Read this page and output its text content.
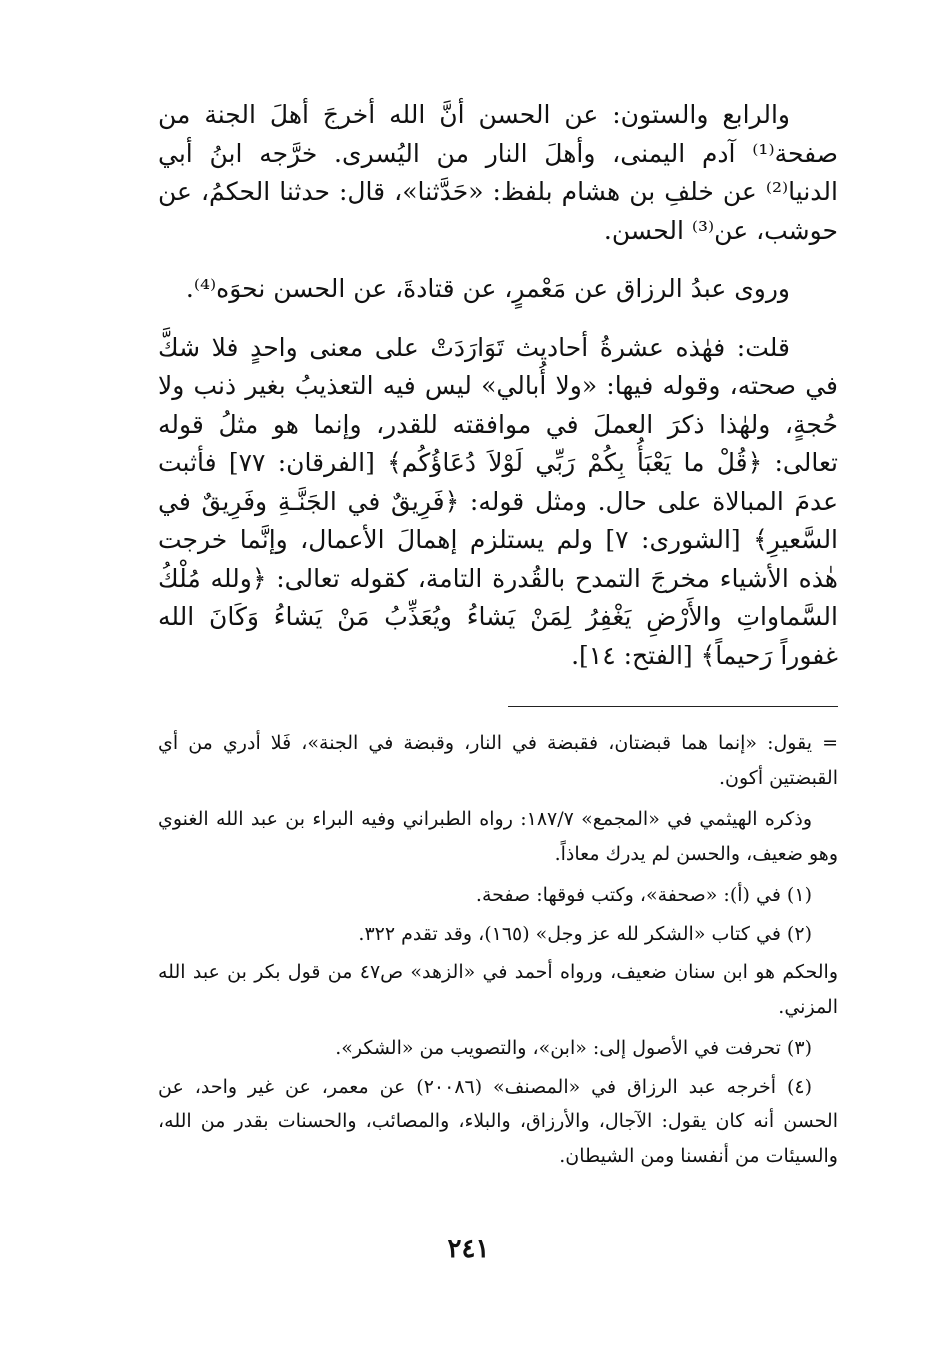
والرابع والستون: عن الحسن أنَّ الله أخرجَ أهلَ الجنة من صفحة⁽¹⁾ آدم اليمنى، وأهلَ النار من اليُسرى. خرَّجه ابنُ أبي الدنيا⁽²⁾ عن خلفِ بن هشام بلفظ: «حَدَّثنا»، قال: حدثنا الحكمُ، عن حوشب، عن⁽³⁾ الحسن.

وروى عبدُ الرزاق عن مَعْمرٍ، عن قتادةَ، عن الحسن نحوَه⁽⁴⁾.

قلت: فهٰذه عشرةُ أحاديث تَوَارَدَتْ على معنى واحدٍ فلا شكَّ في صحته، وقوله فيها: «ولا أُبالي» ليس فيه التعذيبُ بغير ذنب ولا حُجةٍ، ولهٰذا ذكرَ العملَ في موافقته للقدر، وإنما هو مثلُ قوله تعالى: ﴿قُلْ ما يَعْبَأُ بِكُمْ رَبِّي لَوْلاَ دُعَاؤُكُم﴾ [الفرقان: ٧٧] فأثبت عدمَ المبالاة على حال. ومثل قوله: ﴿فَرِيقٌ في الجَنَّـةِ وفَرِيقٌ في السَّعيرِ﴾ [الشورى: ٧] ولم يستلزم إهمالَ الأعمال، وإنَّما خرجت هٰذه الأشياء مخرجَ التمدح بالقُدرة التامة، كقوله تعالى: ﴿ولله مُلْكُ السَّماواتِ والأَرْضِ يَغْفِرُ لِمَنْ يَشاءُ ويُعَذِّبُ مَنْ يَشاءُ وَكَانَ الله غفوراً رَحيماً﴾ [الفتح: ١٤].

= يقول: «إنما هما قبضتان، فقبضة في النار، وقبضة في الجنة»، فَلا أدري من أي القبضتين أكون.

وذكره الهيثمي في «المجمع» ١٨٧/٧: رواه الطبراني وفيه البراء بن عبد الله الغنوي وهو ضعيف، والحسن لم يدرك معاذاً.

(١) في (أ): «صحفة»، وكتب فوقها: صفحة.

(٢) في كتاب «الشكر لله عز وجل» (١٦٥)، وقد تقدم ٣٢٢.

والحكم هو ابن سنان ضعيف، ورواه أحمد في «الزهد» ص٤٧ من قول بكر بن عبد الله المزني.

(٣) تحرفت في الأصول إلى: «ابن»، والتصويب من «الشكر».

(٤) أخرجه عبد الرزاق في «المصنف» (٢٠٠٨٦) عن معمر، عن غير واحد، عن الحسن أنه كان يقول: الآجال، والأرزاق، والبلاء، والمصائب، والحسنات بقدر من الله، والسيئات من أنفسنا ومن الشيطان.

٢٤١
